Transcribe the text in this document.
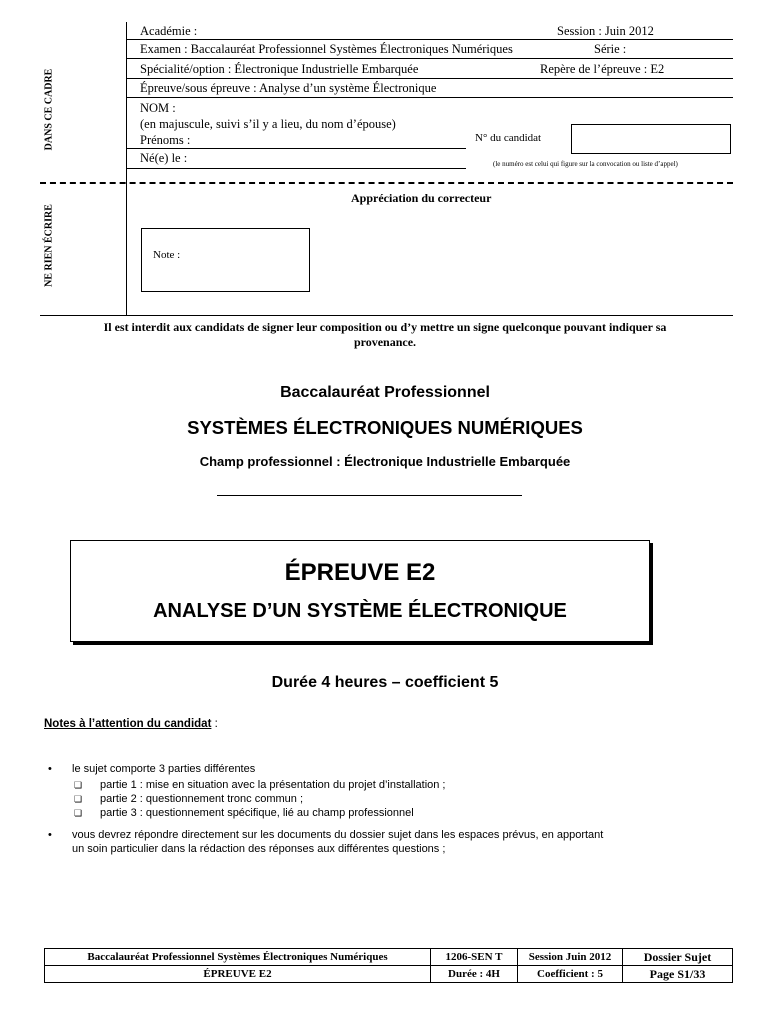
Académie :	Session : Juin 2012
Examen : Baccalauréat Professionnel Systèmes Électroniques Numériques	Série :
Spécialité/option : Électronique Industrielle Embarquée	Repère de l’épreuve : E2
Épreuve/sous épreuve : Analyse d’un système Électronique
NOM :
(en majuscule, suivi s’il y a lieu, du nom d’épouse)
Prénoms :	N° du candidat
Né(e) le :	(le numéro est celui qui figure sur la convocation ou liste d’appel)
DANS CE CADRE
NE RIEN ÉCRIRE
Appréciation du correcteur
Note :
Il est interdit aux candidats de signer leur composition ou d’y mettre un signe quelconque pouvant indiquer sa
provenance.
Baccalauréat Professionnel
SYSTÈMES ÉLECTRONIQUES NUMÉRIQUES
Champ professionnel : Électronique Industrielle Embarquée
ÉPREUVE E2
ANALYSE D’UN SYSTÈME ÉLECTRONIQUE
Durée 4 heures – coefficient 5
Notes à l’attention du candidat :
• le sujet comporte 3 parties différentes
❏ partie 1 : mise en situation avec la présentation du projet d’installation ;
❏ partie 2 : questionnement tronc commun ;
❏ partie 3 : questionnement spécifique, lié au champ professionnel
• vous devrez répondre directement sur les documents du dossier sujet dans les espaces prévus, en apportant
un soin particulier dans la rédaction des réponses aux différentes questions ;
Baccalauréat Professionnel Systèmes Électroniques Numériques	1206-SEN T	Session Juin 2012	Dossier Sujet
ÉPREUVE E2	Durée : 4H	Coefficient : 5	Page S1/33
